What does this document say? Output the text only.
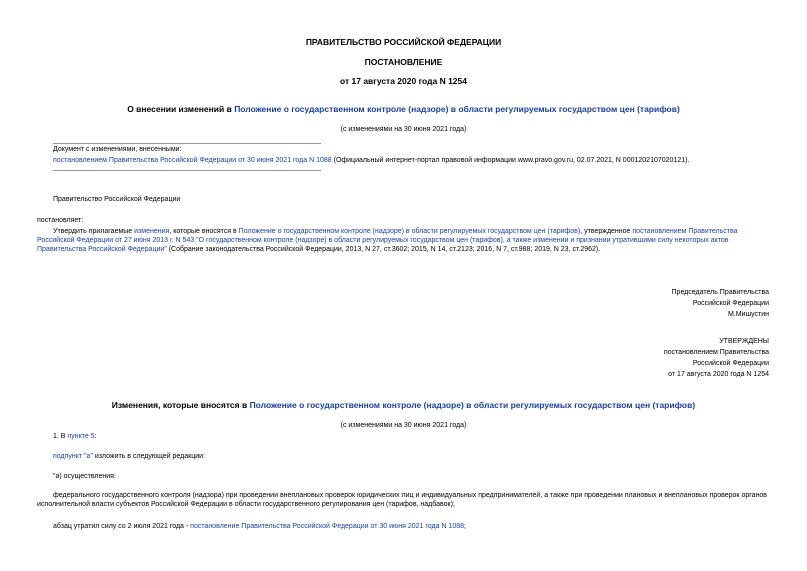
ПРАВИТЕЛЬСТВО РОССИЙСКОЙ ФЕДЕРАЦИИ
ПОСТАНОВЛЕНИЕ
от 17 августа 2020 года N 1254
О внесении изменений в Положение о государственном контроле (надзоре) в области регулируемых государством цен (тарифов)
(с изменениями на 30 июня 2021 года)
Документ с изменениями, внесенными:
постановлением Правительства Российской Федерации от 30 июня 2021 года N 1088 (Официальный интернет-портал правовой информации www.pravo.gov.ru, 02.07.2021, N 0001202107020121).
Правительство Российской Федерации
постановляет:
Утвердить прилагаемые изменения, которые вносятся в Положение о государственном контроле (надзоре) в области регулируемых государством цен (тарифов), утвержденное постановлением Правительства Российской Федерации от 27 июня 2013 г. N 543 "О государственном контроле (надзоре) в области регулируемых государством цен (тарифов), а также изменении и признании утратившими силу некоторых актов Правительства Российской Федерации" (Собрание законодательства Российской Федерации, 2013, N 27, ст.3602; 2015, N 14, ст.2123; 2016, N 7, ст.988; 2019, N 23, ст.2962).
Председатель Правительства
Российской Федерации
М.Мишустин
УТВЕРЖДЕНЫ
постановлением Правительства
Российской Федерации
от 17 августа 2020 года N 1254
Изменения, которые вносятся в Положение о государственном контроле (надзоре) в области регулируемых государством цен (тарифов)
(с изменениями на 30 июня 2021 года)
1. В пункте 5:
подпункт "а" изложить в следующей редакции:
"а) осуществления:
федерального государственного контроля (надзора) при проведении внеплановых проверок юридических лиц и индивидуальных предпринимателей, а также при проведении плановых и внеплановых проверок органов исполнительной власти субъектов Российской Федерации в области государственного регулирования цен (тарифов, надбавок);
абзац утратил силу со 2 июля 2021 года - постановление Правительства Российской Федерации от 30 июня 2021 года N 1088;
